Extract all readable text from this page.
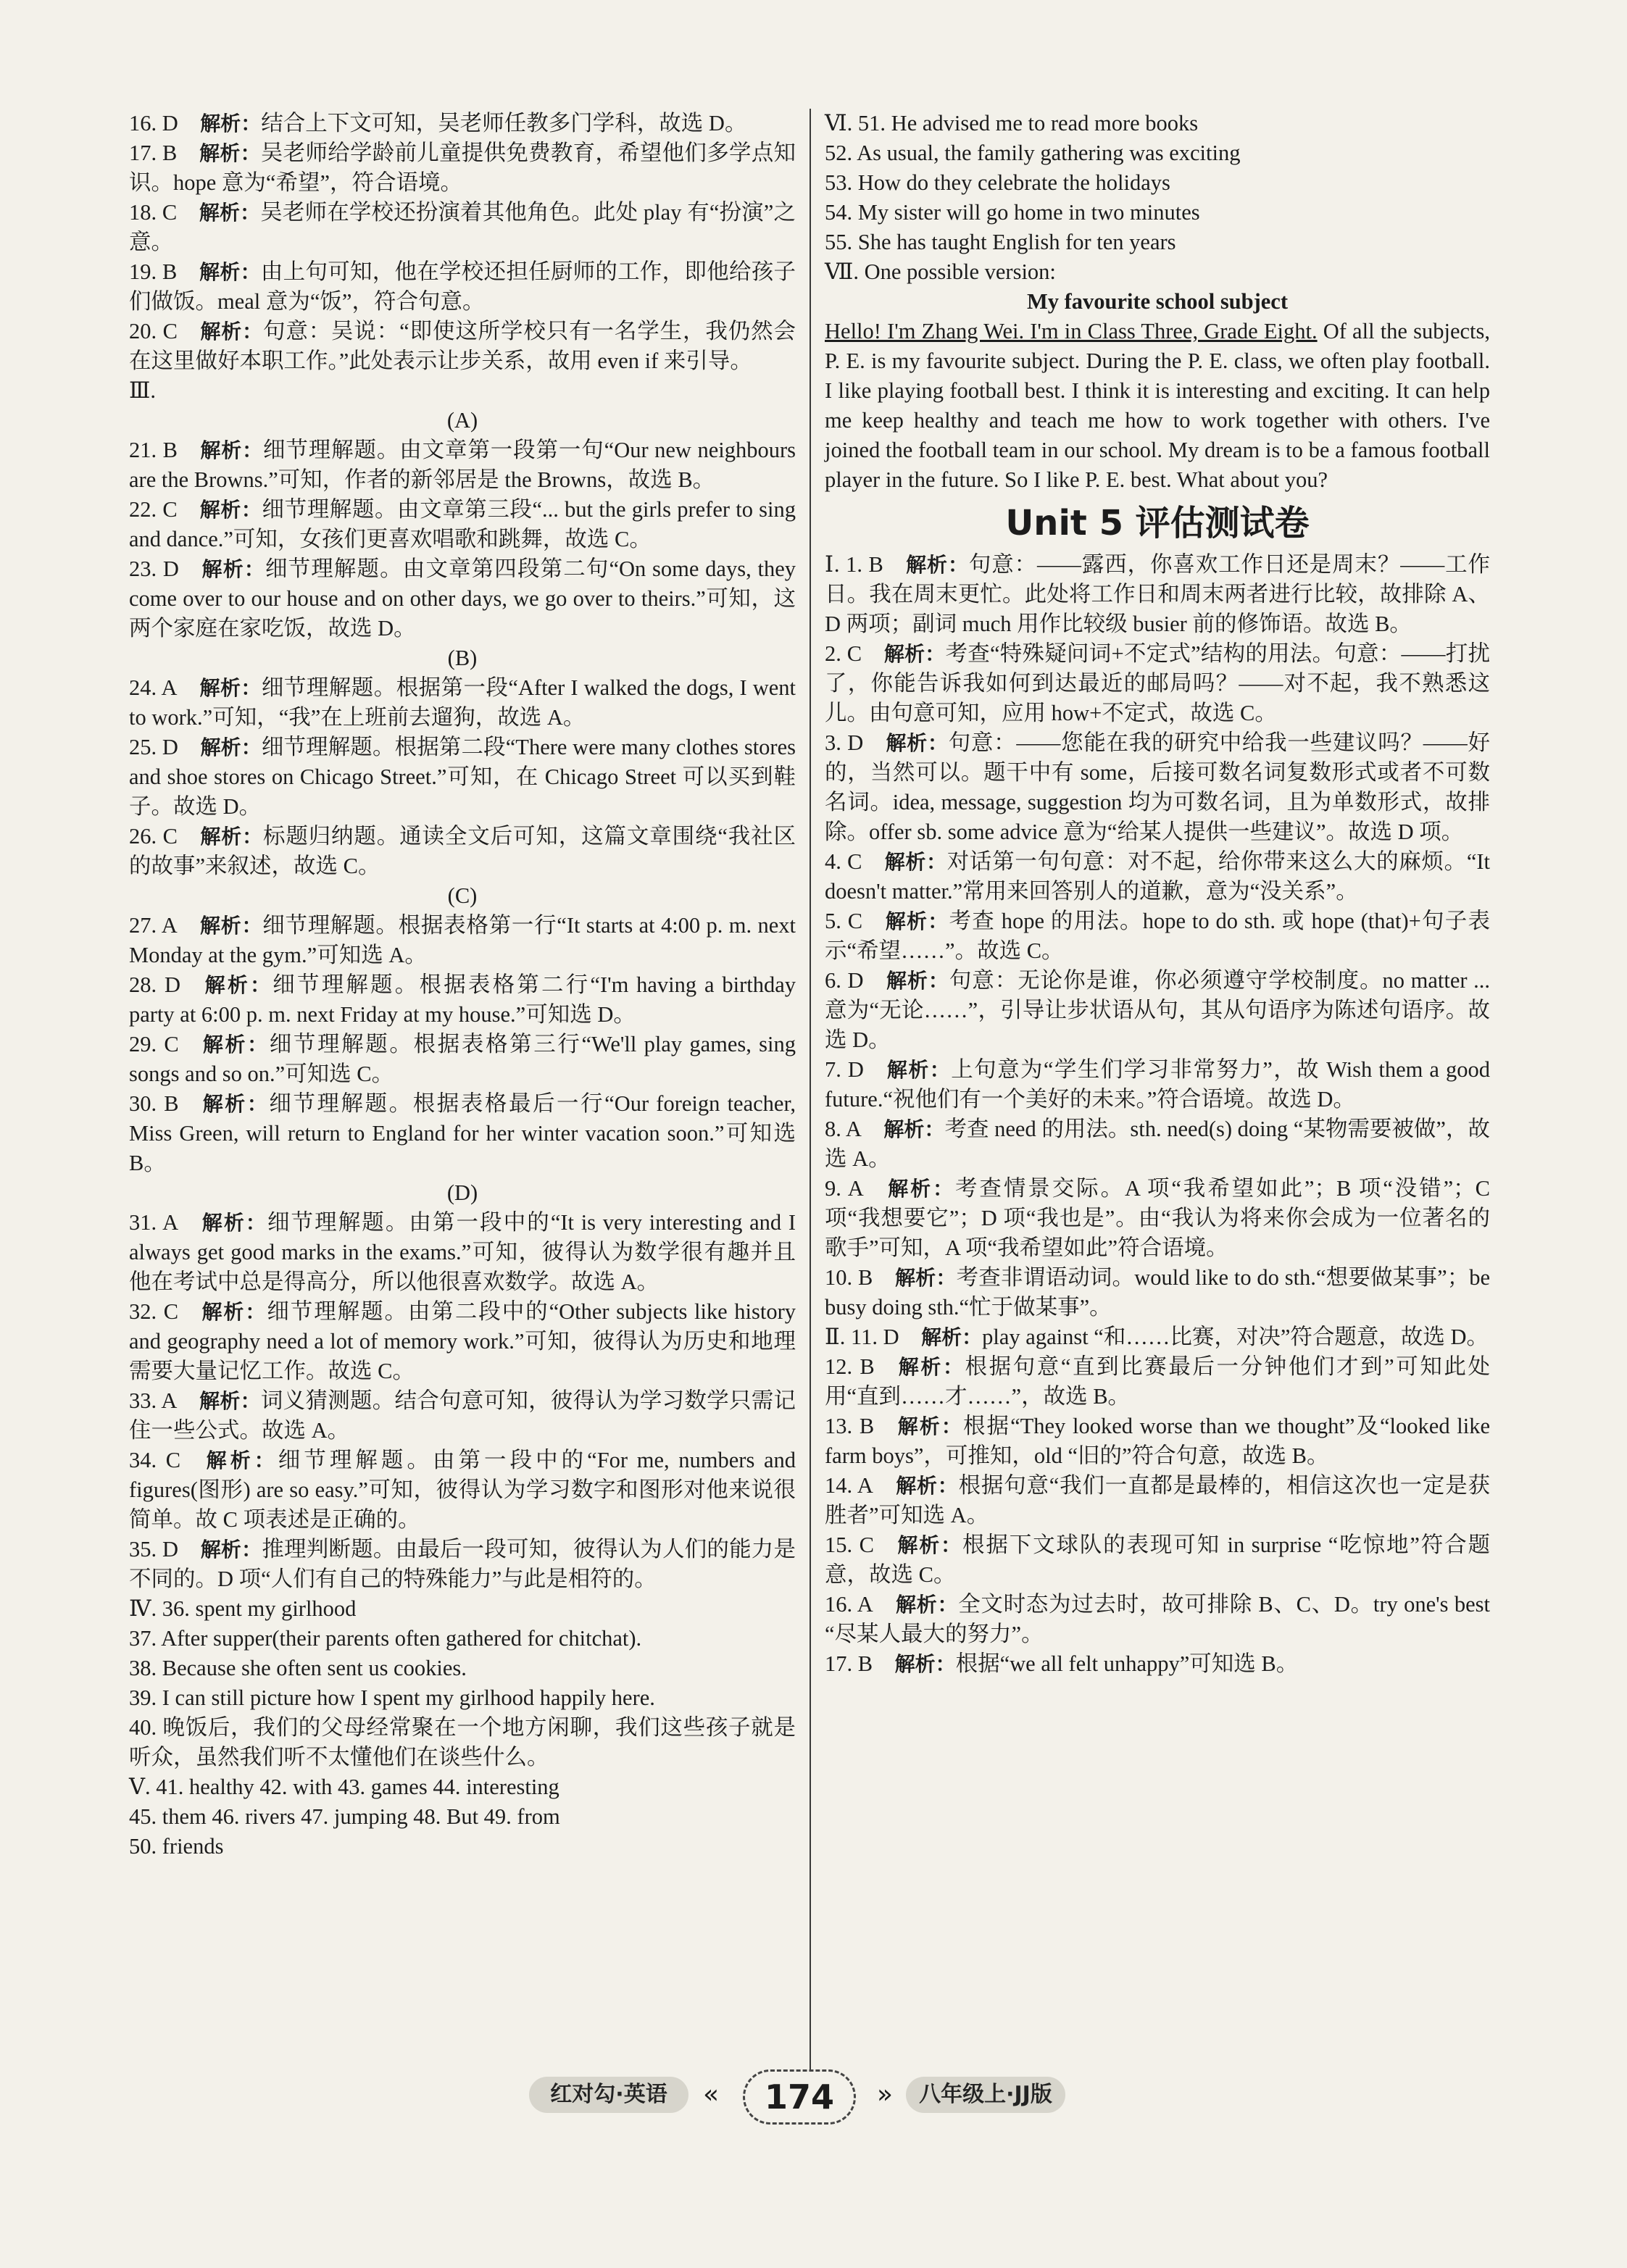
16. D  解析：结合上下文可知，吴老师任教多门学科，故选 D。
17. B  解析：吴老师给学龄前儿童提供免费教育，希望他们多学点知识。hope 意为“希望”，符合语境。
18. C  解析：吴老师在学校还扮演着其他角色。此处 play 有“扮演”之意。
19. B  解析：由上句可知，他在学校还担任厨师的工作，即他给孩子们做饭。meal 意为“饭”，符合句意。
20. C  解析：句意：吴说：“即使这所学校只有一名学生，我仍然会在这里做好本职工作。”此处表示让步关系，故用 even if 来引导。
Ⅲ.
(A)
21. B  解析：细节理解题。由文章第一段第一句“Our new neighbours are the Browns.”可知，作者的新邻居是 the Browns，故选 B。
22. C  解析：细节理解题。由文章第三段“... but the girls prefer to sing and dance.”可知，女孩们更喜欢唱歌和跳舞，故选 C。
23. D  解析：细节理解题。由文章第四段第二句“On some days, they come over to our house and on other days, we go over to theirs.”可知，这两个家庭在家吃饭，故选 D。
(B)
24. A  解析：细节理解题。根据第一段“After I walked the dogs, I went to work.”可知，“我”在上班前去遛狗，故选 A。
25. D  解析：细节理解题。根据第二段“There were many clothes stores and shoe stores on Chicago Street.”可知，在 Chicago Street 可以买到鞋子。故选 D。
26. C  解析：标题归纳题。通读全文后可知，这篇文章围绕“我社区的故事”来叙述，故选 C。
(C)
27. A  解析：细节理解题。根据表格第一行“It starts at 4:00 p. m. next Monday at the gym.”可知选 A。
28. D  解析：细节理解题。根据表格第二行“I'm having a birthday party at 6:00 p. m. next Friday at my house.”可知选 D。
29. C  解析：细节理解题。根据表格第三行“We'll play games, sing songs and so on.”可知选 C。
30. B  解析：细节理解题。根据表格最后一行“Our foreign teacher, Miss Green, will return to England for her winter vacation soon.”可知选 B。
(D)
31. A  解析：细节理解题。由第一段中的“It is very interesting and I always get good marks in the exams.”可知，彼得认为数学很有趣并且他在考试中总是得高分，所以他很喜欢数学。故选 A。
32. C  解析：细节理解题。由第二段中的“Other subjects like history and geography need a lot of memory work.”可知，彼得认为历史和地理需要大量记忆工作。故选 C。
33. A  解析：词义猜测题。结合句意可知，彼得认为学习数学只需记住一些公式。故选 A。
34. C  解析：细节理解题。由第一段中的“For me, numbers and figures(图形) are so easy.”可知，彼得认为学习数字和图形对他来说很简单。故 C 项表述是正确的。
35. D  解析：推理判断题。由最后一段可知，彼得认为人们的能力是不同的。D 项“人们有自己的特殊能力”与此是相符的。
Ⅳ. 36. spent my girlhood
37. After supper(their parents often gathered for chitchat).
38. Because she often sent us cookies.
39. I can still picture how I spent my girlhood happily here.
40. 晚饭后，我们的父母经常聚在一个地方闲聊，我们这些孩子就是听众，虽然我们听不太懂他们在谈些什么。
Ⅴ. 41. healthy 42. with 43. games 44. interesting
45. them 46. rivers 47. jumping 48. But 49. from
50. friends
Ⅵ. 51. He advised me to read more books
52. As usual, the family gathering was exciting
53. How do they celebrate the holidays
54. My sister will go home in two minutes
55. She has taught English for ten years
Ⅶ. One possible version:
My favourite school subject
Hello! I'm Zhang Wei. I'm in Class Three, Grade Eight. Of all the subjects, P. E. is my favourite subject. During the P. E. class, we often play football. I like playing football best. I think it is interesting and exciting. It can help me keep healthy and teach me how to work together with others. I've joined the football team in our school. My dream is to be a famous football player in the future. So I like P. E. best. What about you?
Unit 5 评估测试卷
Ⅰ. 1. B  解析：句意：——露西，你喜欢工作日还是周末？——工作日。我在周末更忙。此处将工作日和周末两者进行比较，故排除 A、D 两项；副词 much 用作比较级 busier 前的修饰语。故选 B。
2. C  解析：考查“特殊疑问词+不定式”结构的用法。句意：——打扰了，你能告诉我如何到达最近的邮局吗？——对不起，我不熟悉这儿。由句意可知，应用 how+不定式，故选 C。
3. D  解析：句意：——您能在我的研究中给我一些建议吗？——好的，当然可以。题干中有 some，后接可数名词复数形式或者不可数名词。idea, message, suggestion 均为可数名词，且为单数形式，故排除。offer sb. some advice 意为“给某人提供一些建议”。故选 D 项。
4. C  解析：对话第一句句意：对不起，给你带来这么大的麻烦。“It doesn't matter.”常用来回答别人的道歉，意为“没关系”。
5. C  解析：考查 hope 的用法。hope to do sth. 或 hope (that)+句子表示“希望……”。故选 C。
6. D  解析：句意：无论你是谁，你必须遵守学校制度。no matter ... 意为“无论……”，引导让步状语从句，其从句语序为陈述句语序。故选 D。
7. D  解析：上句意为“学生们学习非常努力”，故 Wish them a good future.“祝他们有一个美好的未来。”符合语境。故选 D。
8. A  解析：考查 need 的用法。sth. need(s) doing “某物需要被做”，故选 A。
9. A  解析：考查情景交际。A 项“我希望如此”；B 项“没错”；C 项“我想要它”；D 项“我也是”。由“我认为将来你会成为一位著名的歌手”可知，A 项“我希望如此”符合语境。
10. B  解析：考查非谓语动词。would like to do sth.“想要做某事”；be busy doing sth.“忙于做某事”。
Ⅱ. 11. D  解析：play against “和……比赛，对决”符合题意，故选 D。
12. B  解析：根据句意“直到比赛最后一分钟他们才到”可知此处用“直到……才……”，故选 B。
13. B  解析：根据“They looked worse than we thought”及“looked like farm boys”，可推知，old “旧的”符合句意，故选 B。
14. A  解析：根据句意“我们一直都是最棒的，相信这次也一定是获胜者”可知选 A。
15. C  解析：根据下文球队的表现可知 in surprise “吃惊地”符合题意，故选 C。
16. A  解析：全文时态为过去时，故可排除 B、C、D。try one's best “尽某人最大的努力”。
17. B  解析：根据“we all felt unhappy”可知选 B。
红对勾·英语	«	174	»	八年级上·JJ版
